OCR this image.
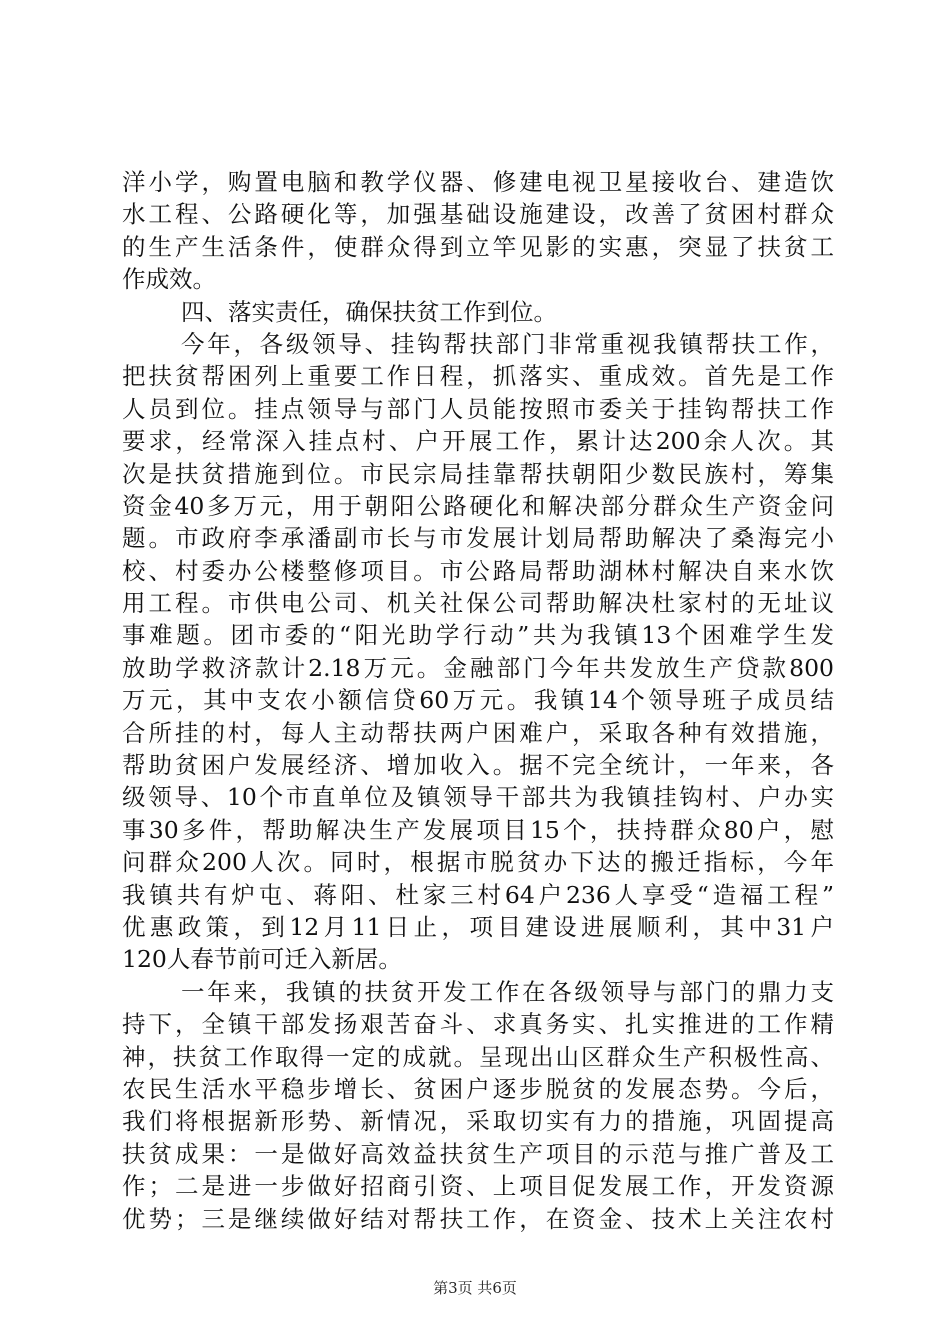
洋小学，购置电脑和教学仪器、修建电视卫星接收台、建造饮
水工程、公路硬化等，加强基础设施建设，改善了贫困村群众
的生产生活条件，使群众得到立竿见影的实惠，突显了扶贫工
作成效。
四、落实责任，确保扶贫工作到位。
今年，各级领导、挂钩帮扶部门非常重视我镇帮扶工作，
把扶贫帮困列上重要工作日程，抓落实、重成效。首先是工作
人员到位。挂点领导与部门人员能按照市委关于挂钩帮扶工作
要求，经常深入挂点村、户开展工作，累计达200余人次。其
次是扶贫措施到位。市民宗局挂靠帮扶朝阳少数民族村，筹集
资金40多万元，用于朝阳公路硬化和解决部分群众生产资金问
题。市政府李承潘副市长与市发展计划局帮助解决了桑海完小
校、村委办公楼整修项目。市公路局帮助湖林村解决自来水饮
用工程。市供电公司、机关社保公司帮助解决杜家村的无址议
事难题。团市委的“阳光助学行动”共为我镇13个困难学生发
放助学救济款计2.18万元。金融部门今年共发放生产贷款800
万元，其中支农小额信贷60万元。我镇14个领导班子成员结
合所挂的村，每人主动帮扶两户困难户，采取各种有效措施，
帮助贫困户发展经济、增加收入。据不完全统计，一年来，各
级领导、10个市直单位及镇领导干部共为我镇挂钩村、户办实
事30多件，帮助解决生产发展项目15个，扶持群众80户，慰
问群众200人次。同时，根据市脱贫办下达的搬迁指标，今年
我镇共有炉屯、蒋阳、杜家三村64户236人享受“造福工程”
优惠政策，到12月11日止，项目建设进展顺利，其中31户
120人春节前可迁入新居。
一年来，我镇的扶贫开发工作在各级领导与部门的鼎力支
持下，全镇干部发扬艰苦奋斗、求真务实、扎实推进的工作精
神，扶贫工作取得一定的成就。呈现出山区群众生产积极性高、
农民生活水平稳步增长、贫困户逐步脱贫的发展态势。今后，
我们将根据新形势、新情况，采取切实有力的措施，巩固提高
扶贫成果：一是做好高效益扶贫生产项目的示范与推广普及工
作；二是进一步做好招商引资、上项目促发展工作，开发资源
优势；三是继续做好结对帮扶工作，在资金、技术上关注农村
第3页 共6页
